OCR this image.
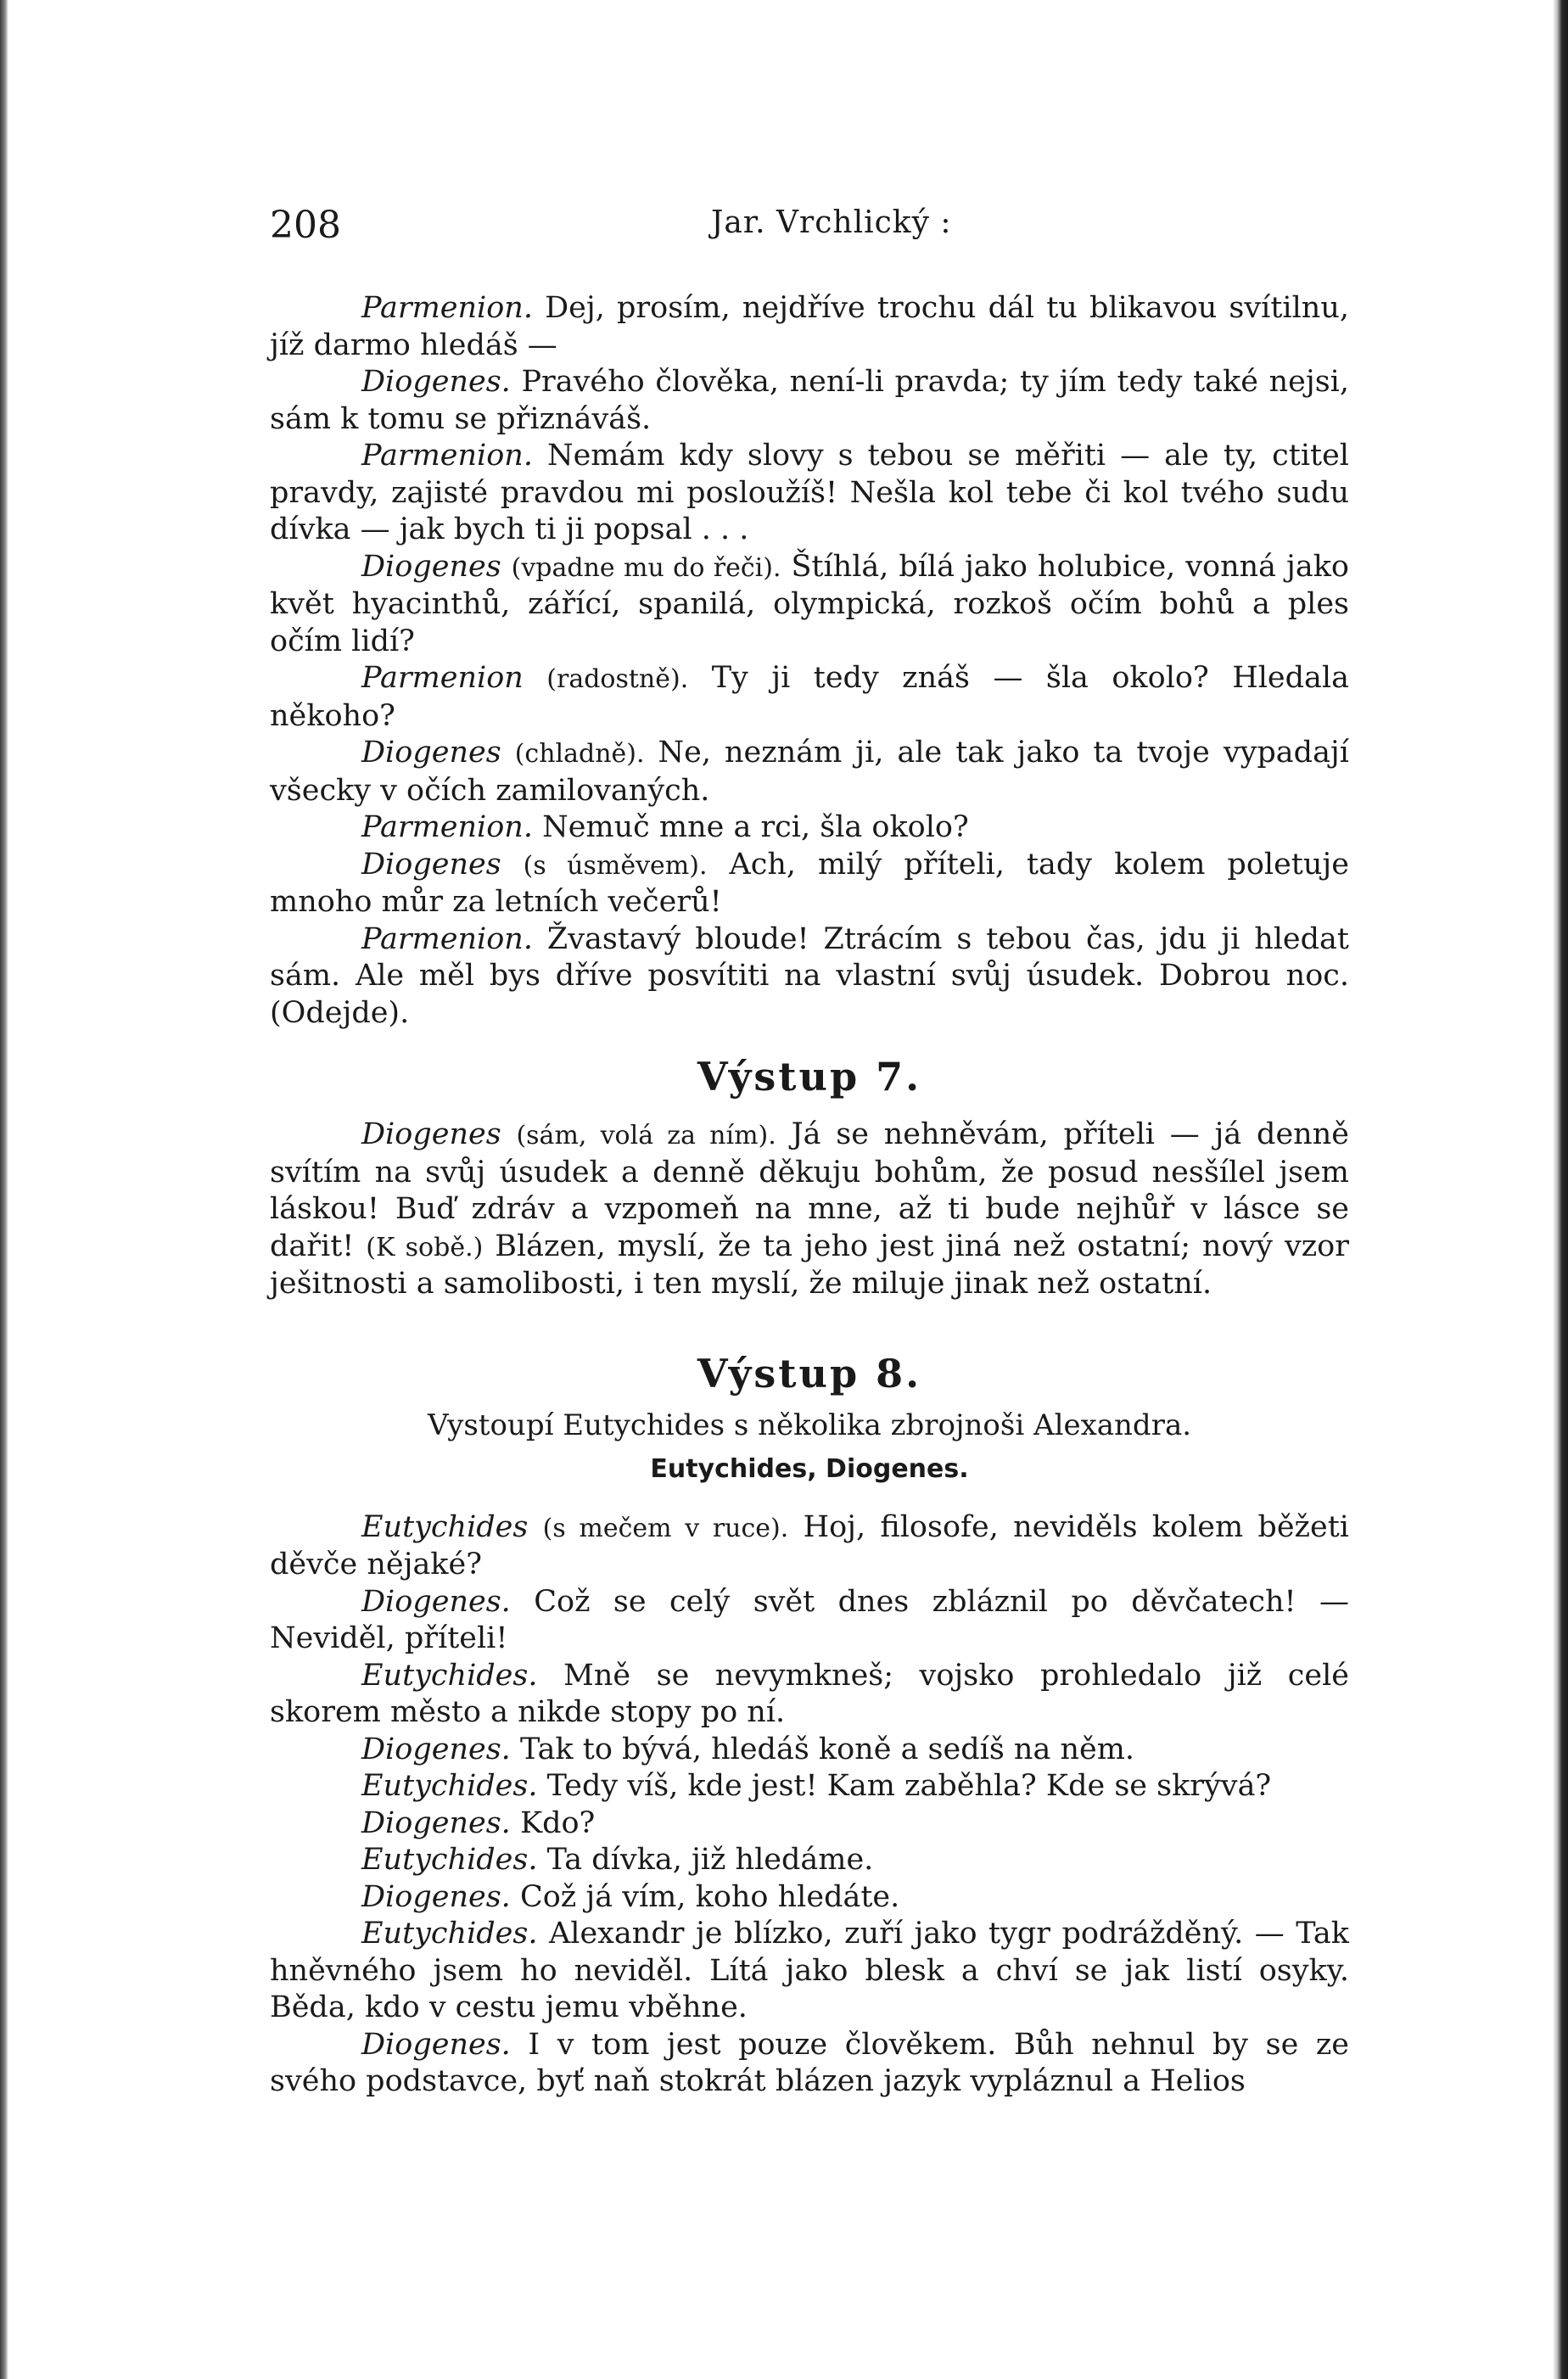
208	Jar. Vrchlický :

Parmenion. Dej, prosím, nejdříve trochu dál tu blikavou svítilnu, jíž darmo hledáš —

Diogenes. Pravého člověka, není-li pravda; ty jím tedy také nejsi, sám k tomu se přiznáváš.

Parmenion. Nemám kdy slovy s tebou se měřiti — ale ty, ctitel pravdy, zajisté pravdou mi posloužíš! Nešla kol tebe či kol tvého sudu dívka — jak bych ti ji popsal . . .

Diogenes (vpadne mu do řeči). Štíhlá, bílá jako holubice, vonná jako květ hyacinthů, zářící, spanilá, olympická, rozkoš očím bohů a ples očím lidí?

Parmenion (radostně). Ty ji tedy znáš — šla okolo? Hledala někoho?

Diogenes (chladně). Ne, neznám ji, ale tak jako ta tvoje vypadají všecky v očích zamilovaných.

Parmenion. Nemuč mne a rci, šla okolo?

Diogenes (s úsměvem). Ach, milý příteli, tady kolem poletuje mnoho můr za letních večerů!

Parmenion. Žvastavý bloude! Ztrácím s tebou čas, jdu ji hledat sám. Ale měl bys dříve posvítiti na vlastní svůj úsudek. Dobrou noc. (Odejde).

Výstup 7.

Diogenes (sám, volá za ním). Já se nehněvám, příteli — já denně svítím na svůj úsudek a denně děkuju bohům, že posud nesšílel jsem láskou! Buď zdráv a vzpomeň na mne, až ti bude nejhůř v lásce se dařit! (K sobě.) Blázen, myslí, že ta jeho jest jiná než ostatní; nový vzor ješitnosti a samolibosti, i ten myslí, že miluje jinak než ostatní.

Výstup 8.

Vystoupí Eutychides s několika zbrojnoši Alexandra.

Eutychides, Diogenes.

Eutychides (s mečem v ruce). Hoj, filosofe, neviděls kolem běžeti děvče nějaké?

Diogenes. Což se celý svět dnes zbláznil po děvčatech! — Neviděl, příteli!

Eutychides. Mně se nevymkneš; vojsko prohledalo již celé skorem město a nikde stopy po ní.

Diogenes. Tak to bývá, hledáš koně a sedíš na něm.

Eutychides. Tedy víš, kde jest! Kam zaběhla? Kde se skrývá?

Diogenes. Kdo?

Eutychides. Ta dívka, již hledáme.

Diogenes. Což já vím, koho hledáte.

Eutychides. Alexandr je blízko, zuří jako tygr podrážděný. — Tak hněvného jsem ho neviděl. Lítá jako blesk a chví se jak listí osyky. Běda, kdo v cestu jemu vběhne.

Diogenes. I v tom jest pouze člověkem. Bůh nehnul by se ze svého podstavce, byť naň stokrát blázen jazyk vypláznul a Helios
